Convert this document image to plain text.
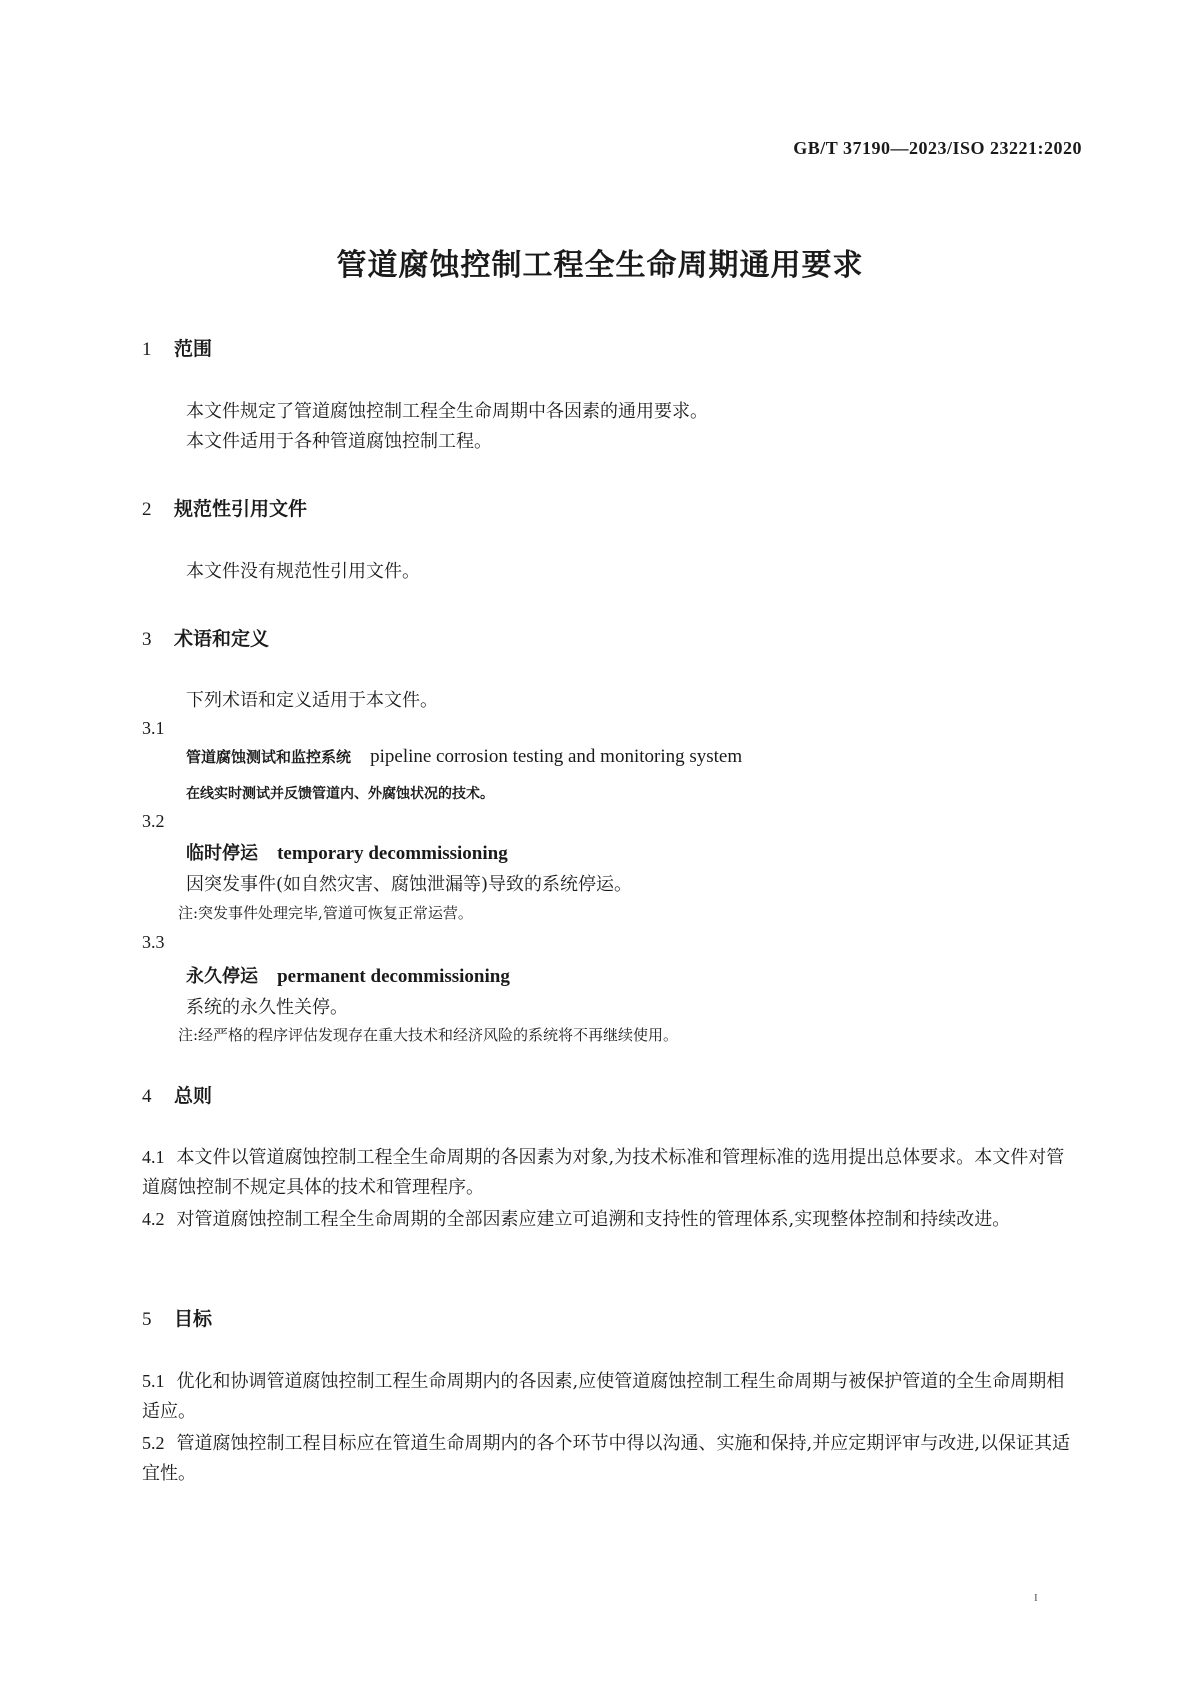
GB/T 37190—2023/ISO 23221:2020
管道腐蚀控制工程全生命周期通用要求
1 范围
本文件规定了管道腐蚀控制工程全生命周期中各因素的通用要求。
本文件适用于各种管道腐蚀控制工程。
2 规范性引用文件
本文件没有规范性引用文件。
3 术语和定义
下列术语和定义适用于本文件。
3.1
管道腐蚀测试和监控系统 pipeline corrosion testing and monitoring system
在线实时测试并反馈管道内、外腐蚀状况的技术。
3.2
临时停运 temporary decommissioning
因突发事件(如自然灾害、腐蚀泄漏等)导致的系统停运。
注:突发事件处理完毕,管道可恢复正常运营。
3.3
永久停运 permanent decommissioning
系统的永久性关停。
注:经严格的程序评估发现存在重大技术和经济风险的系统将不再继续使用。
4 总则
4.1 本文件以管道腐蚀控制工程全生命周期的各因素为对象,为技术标准和管理标准的选用提出总体要求。本文件对管道腐蚀控制不规定具体的技术和管理程序。
4.2 对管道腐蚀控制工程全生命周期的全部因素应建立可追溯和支持性的管理体系,实现整体控制和持续改进。
5 目标
5.1 优化和协调管道腐蚀控制工程生命周期内的各因素,应使管道腐蚀控制工程生命周期与被保护管道的全生命周期相适应。
5.2 管道腐蚀控制工程目标应在管道生命周期内的各个环节中得以沟通、实施和保持,并应定期评审与改进,以保证其适宜性。
I
